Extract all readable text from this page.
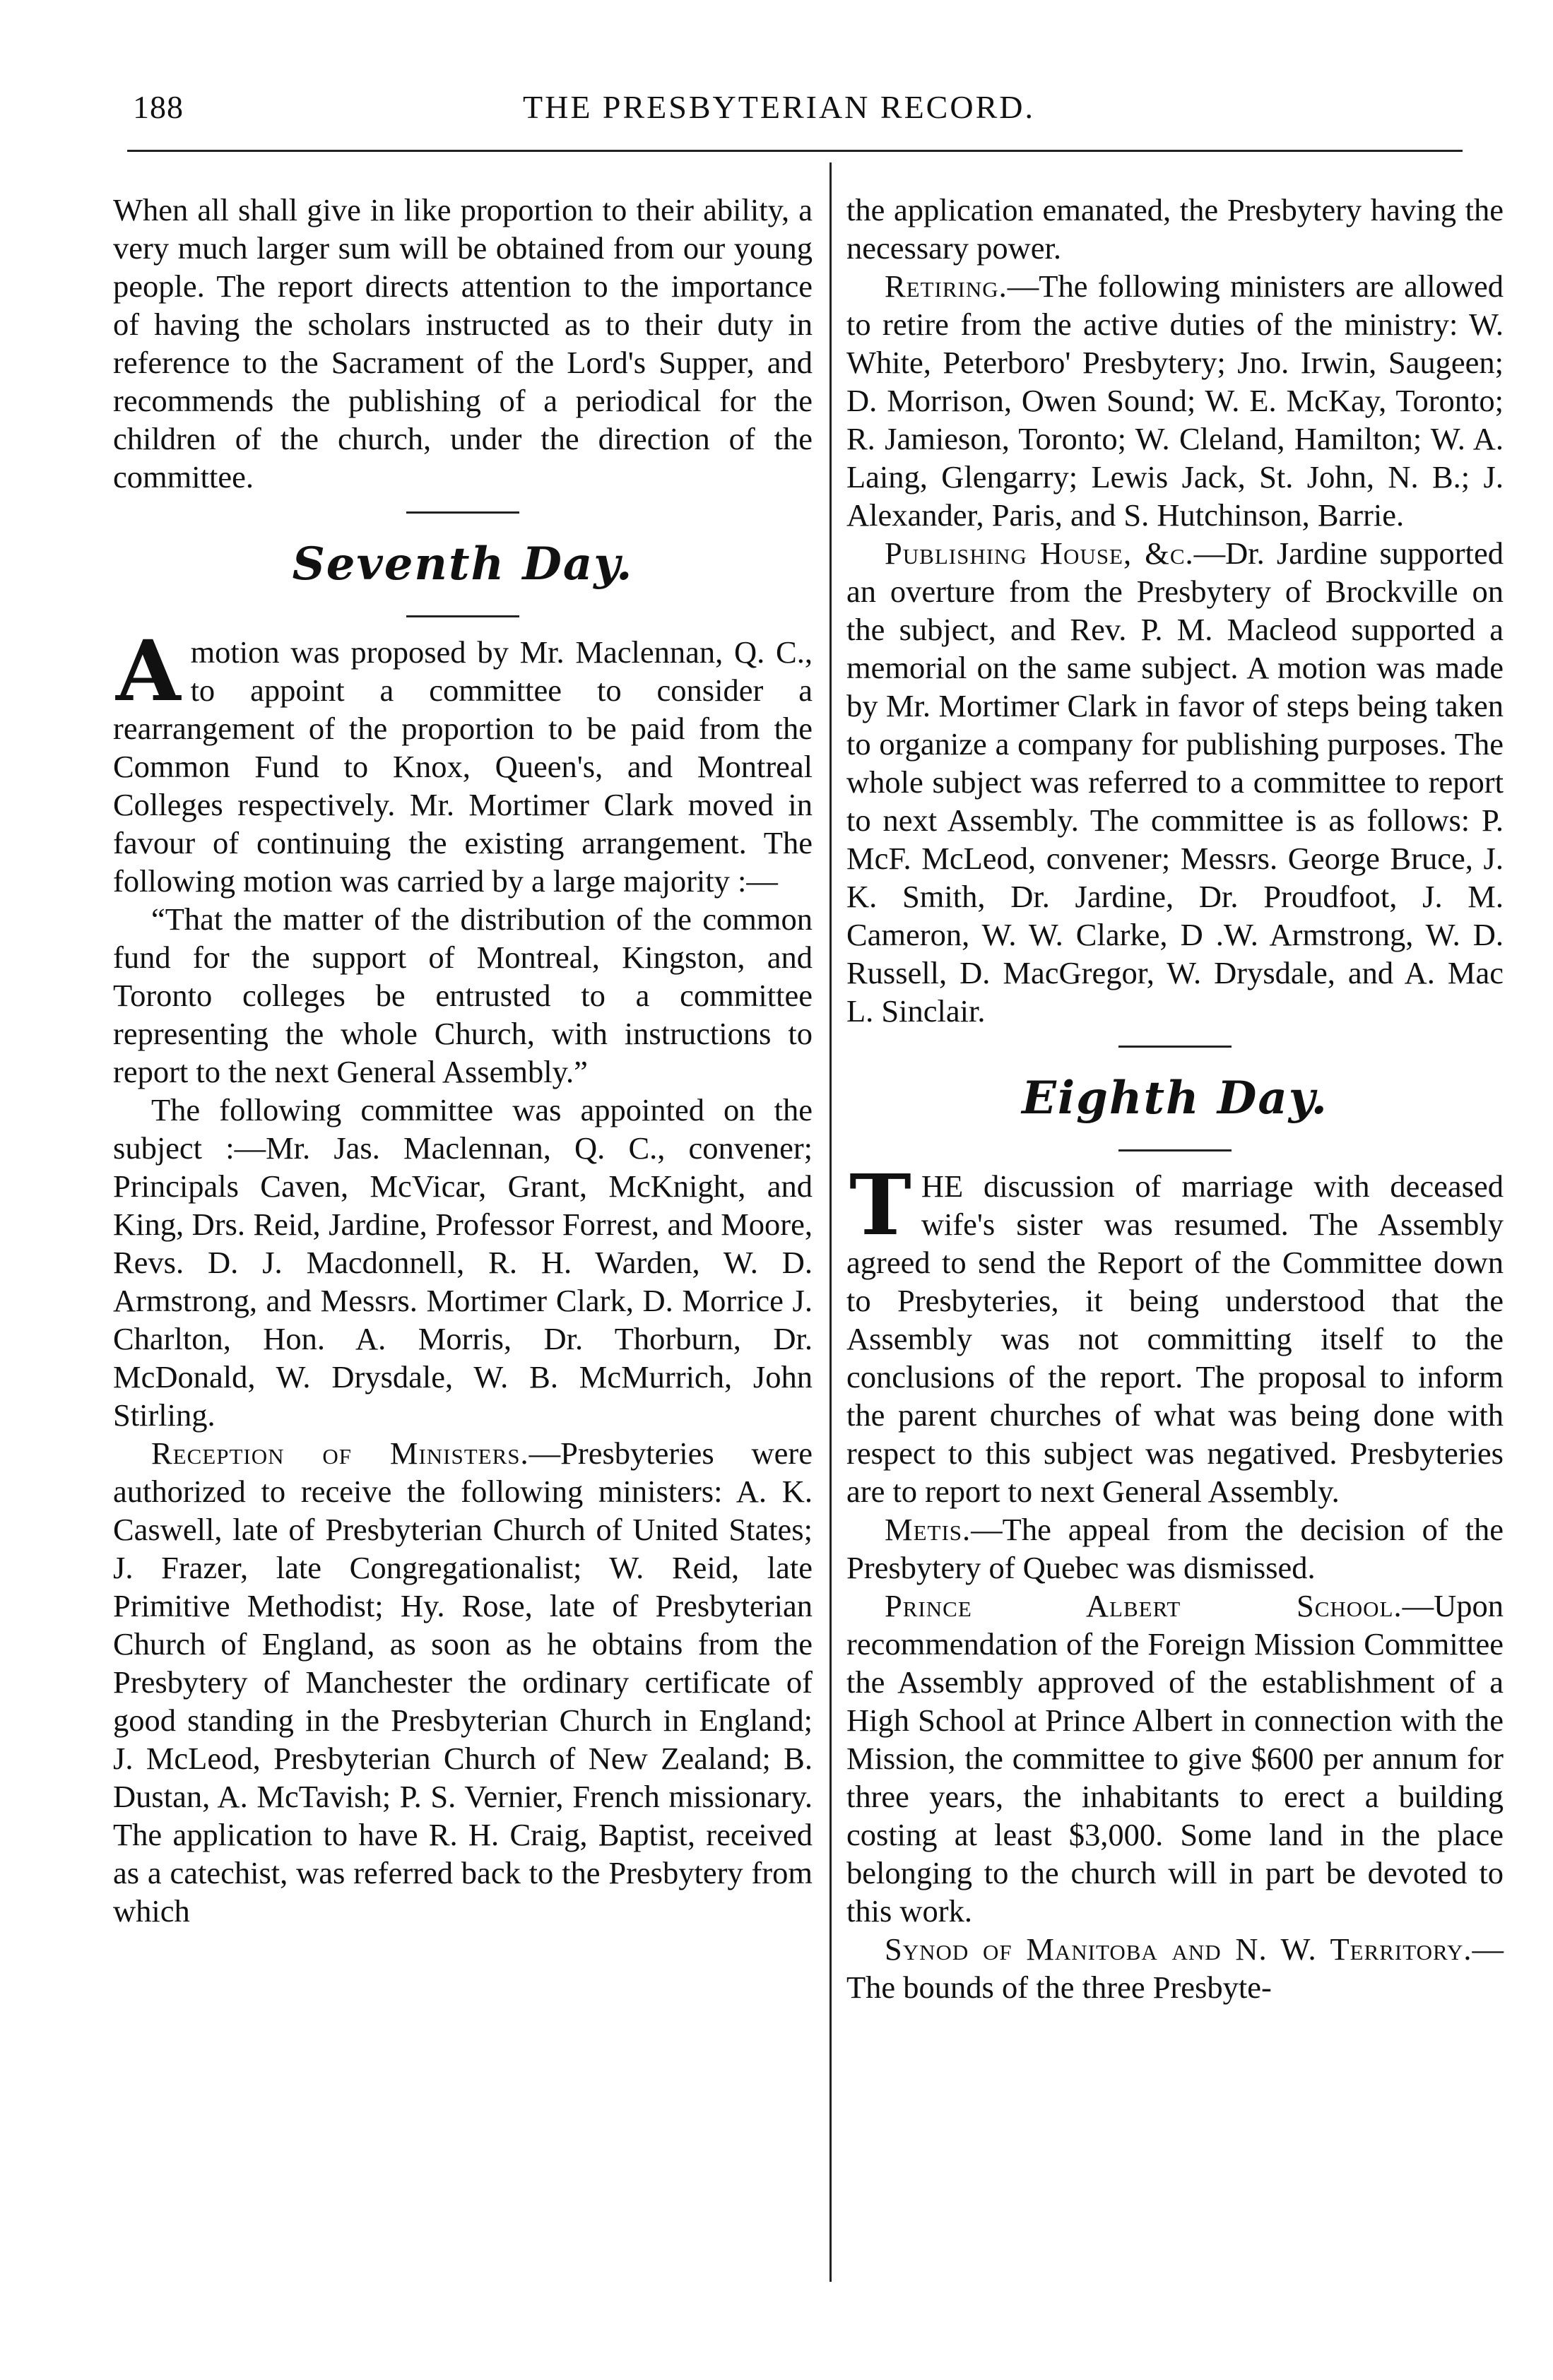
188	THE PRESBYTERIAN RECORD.

When all shall give in like proportion to their ability, a very much larger sum will be obtained from our young people. The report directs attention to the importance of having the scholars instructed as to their duty in reference to the Sacrament of the Lord's Supper, and recommends the publishing of a periodical for the children of the church, under the direction of the committee.

Seventh Day.

Amotion was proposed by Mr. Maclennan, Q. C., to appoint a committee to consider a rearrangement of the proportion to be paid from the Common Fund to Knox, Queen's, and Montreal Colleges respectively. Mr. Mortimer Clark moved in favour of continuing the existing arrangement. The following motion was carried by a large majority :—

“That the matter of the distribution of the common fund for the support of Montreal, Kingston, and Toronto colleges be entrusted to a committee representing the whole Church, with instructions to report to the next General Assembly.”

The following committee was appointed on the subject :—Mr. Jas. Maclennan, Q. C., convener; Principals Caven, McVicar, Grant, McKnight, and King, Drs. Reid, Jardine, Professor Forrest, and Moore, Revs. D. J. Macdonnell, R. H. Warden, W. D. Armstrong, and Messrs. Mortimer Clark, D. Morrice J. Charlton, Hon. A. Morris, Dr. Thorburn, Dr. McDonald, W. Drysdale, W. B. McMurrich, John Stirling.

Reception of Ministers.—Presbyteries were authorized to receive the following ministers: A. K. Caswell, late of Presbyterian Church of United States; J. Frazer, late Congregationalist; W. Reid, late Primitive Methodist; Hy. Rose, late of Presbyterian Church of England, as soon as he obtains from the Presbytery of Manchester the ordinary certificate of good standing in the Presbyterian Church in England; J. McLeod, Presbyterian Church of New Zealand; B. Dustan, A. McTavish; P. S. Vernier, French missionary. The application to have R. H. Craig, Baptist, received as a catechist, was referred back to the Presbytery from which

the application emanated, the Presbytery having the necessary power.

Retiring.—The following ministers are allowed to retire from the active duties of the ministry: W. White, Peterboro' Presbytery; Jno. Irwin, Saugeen; D. Morrison, Owen Sound; W. E. McKay, Toronto; R. Jamieson, Toronto; W. Cleland, Hamilton; W. A. Laing, Glengarry; Lewis Jack, St. John, N. B.; J. Alexander, Paris, and S. Hutchinson, Barrie.

Publishing House, &c.—Dr. Jardine supported an overture from the Presbytery of Brockville on the subject, and Rev. P. M. Macleod supported a memorial on the same subject. A motion was made by Mr. Mortimer Clark in favor of steps being taken to organize a company for publishing purposes. The whole subject was referred to a committee to report to next Assembly. The committee is as follows: P. McF. McLeod, convener; Messrs. George Bruce, J. K. Smith, Dr. Jardine, Dr. Proudfoot, J. M. Cameron, W. W. Clarke, D .W. Armstrong, W. D. Russell, D. MacGregor, W. Drysdale, and A. Mac L. Sinclair.

Eighth Day.

THE discussion of marriage with deceased wife's sister was resumed. The Assembly agreed to send the Report of the Committee down to Presbyteries, it being understood that the Assembly was not committing itself to the conclusions of the report. The proposal to inform the parent churches of what was being done with respect to this subject was negatived. Presbyteries are to report to next General Assembly.

Metis.—The appeal from the decision of the Presbytery of Quebec was dismissed.

Prince Albert School.—Upon recommendation of the Foreign Mission Committee the Assembly approved of the establishment of a High School at Prince Albert in connection with the Mission, the committee to give $600 per annum for three years, the inhabitants to erect a building costing at least $3,000. Some land in the place belonging to the church will in part be devoted to this work.

Synod of Manitoba and N. W. Territory.—The bounds of the three Presbyte-
